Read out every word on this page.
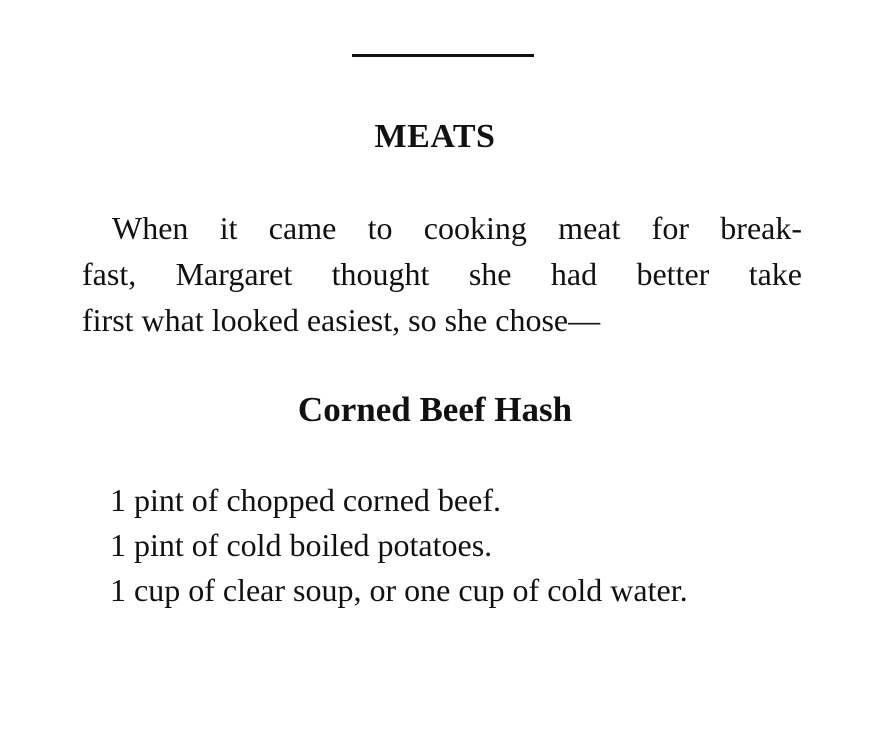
MEATS

When it came to cooking meat for break-
fast, Margaret thought she had better take
first what looked easiest, so she chose—

Corned Beef Hash
1 pint of chopped corned beef.
1 pint of cold boiled potatoes.
1 cup of clear soup, or one cup of cold water.
